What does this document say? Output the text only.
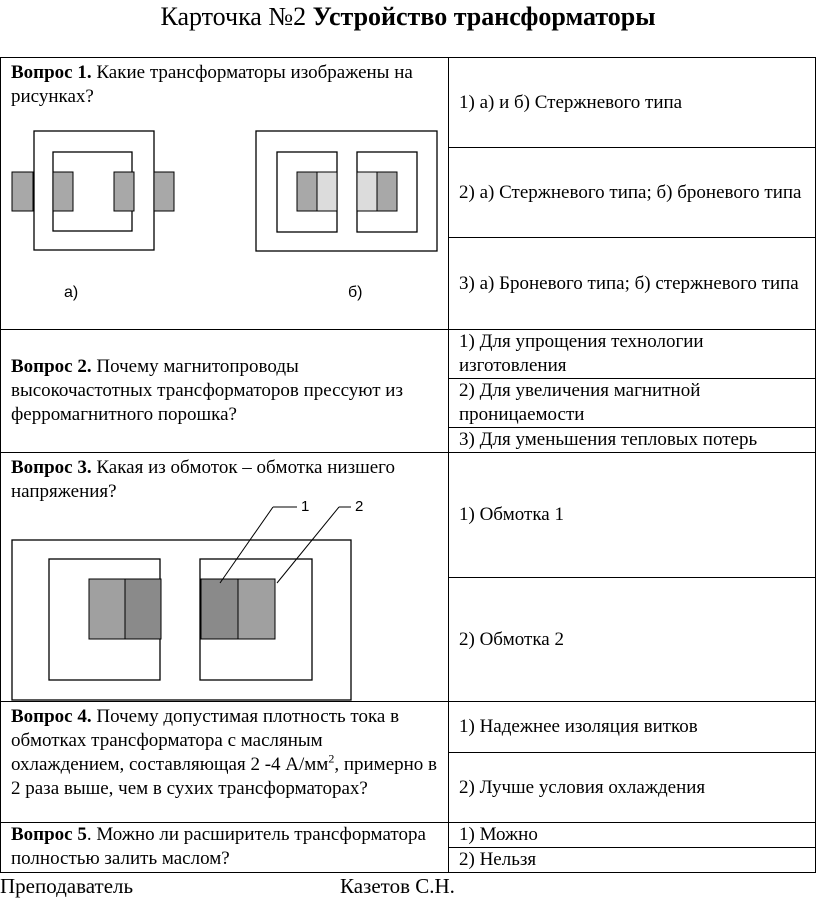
Карточка №2 Устройство трансформаторы
Вопрос 1. Какие трансформаторы изображены на рисунках?
а) б)	1) а) и б) Стержневого типа
	2) а) Стержневого типа; б) броневого типа
	3) а) Броневого типа; б) стержневого типа

Вопрос 2. Почему магнитопроводы высокочастотных трансформаторов прессуют из ферромагнитного порошка?	1) Для упрощения технологии изготовления
	2) Для увеличения магнитной проницаемости
	3) Для уменьшения тепловых потерь

Вопрос 3. Какая из обмоток – обмотка низшего напряжения?
1 2	1) Обмотка 1
	2) Обмотка 2

Вопрос 4. Почему допустимая плотность тока в обмотках трансформатора с масляным охлаждением, составляющая 2 -4 $А/мм^2$, примерно в 2 раза выше, чем в сухих трансформаторах?	1) Надежнее изоляция витков
	2) Лучше условия охлаждения

Вопрос 5. Можно ли расширитель трансформатора полностью залить маслом?	1) Можно
	2) Нельзя
Преподаватель	Казетов С.Н.
